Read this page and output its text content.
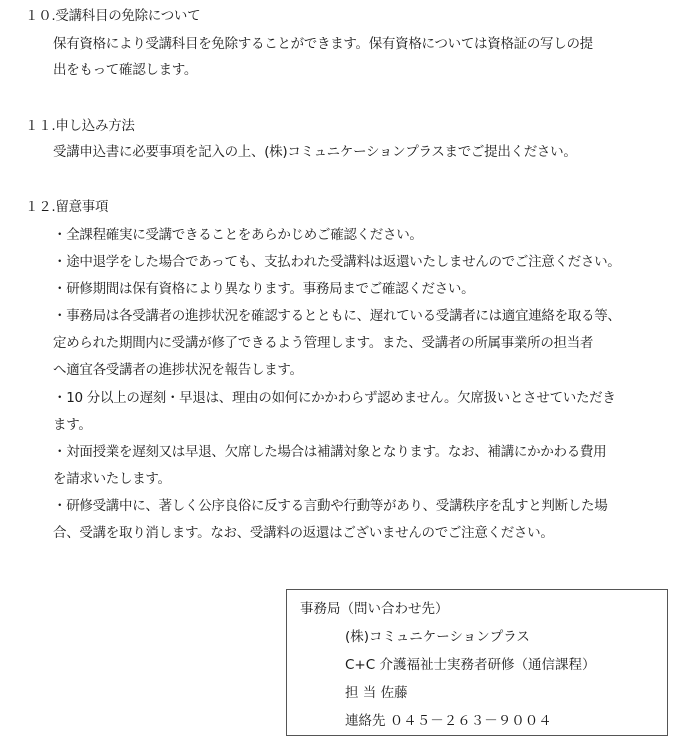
１０.受講科目の免除について
保有資格により受講科目を免除することができます。保有資格については資格証の写しの提
出をもって確認します。
１１.申し込み方法
受講申込書に必要事項を記入の上、(株)コミュニケーションプラスまでご提出ください。
１２.留意事項
・全課程確実に受講できることをあらかじめご確認ください。
・途中退学をした場合であっても、支払われた受講料は返還いたしませんのでご注意ください。
・研修期間は保有資格により異なります。事務局までご確認ください。
・事務局は各受講者の進捗状況を確認するとともに、遅れている受講者には適宜連絡を取る等、
定められた期間内に受講が修了できるよう管理します。また、受講者の所属事業所の担当者
へ適宜各受講者の進捗状況を報告します。
・10 分以上の遅刻・早退は、理由の如何にかかわらず認めません。欠席扱いとさせていただき
ます。
・対面授業を遅刻又は早退、欠席した場合は補講対象となります。なお、補講にかかわる費用
を請求いたします。
・研修受講中に、著しく公序良俗に反する言動や行動等があり、受講秩序を乱すと判断した場
合、受講を取り消します。なお、受講料の返還はございませんのでご注意ください。
事務局（問い合わせ先）
(株)コミュニケーションプラス
C+C 介護福祉士実務者研修（通信課程）
担 当 佐藤
連絡先 ０４５－２６３－９００４
